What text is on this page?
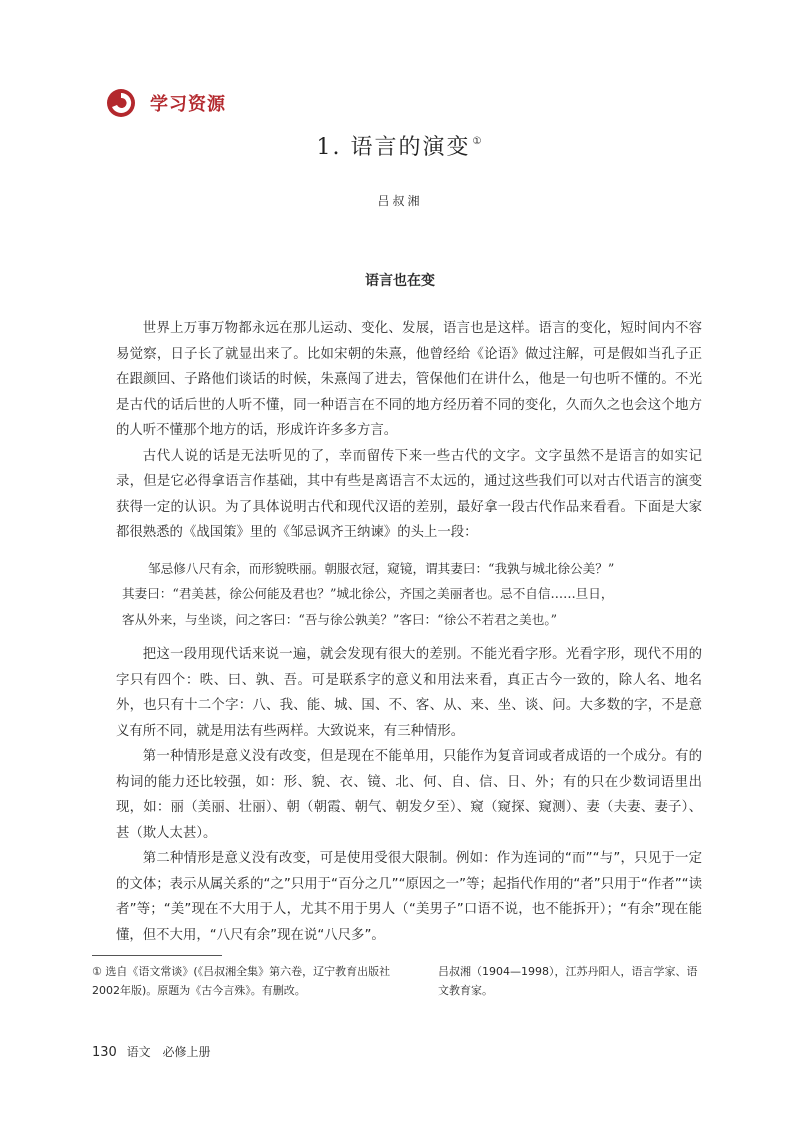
学习资源
1. 语言的演变 ①
吕叔湘
语言也在变

世界上万事万物都永远在那儿运动、变化、发展，语言也是这样。语言的变化，短时间内不容易觉察，日子长了就显出来了。比如宋朝的朱熹，他曾经给《论语》做过注解，可是假如当孔子正在跟颜回、子路他们谈话的时候，朱熹闯了进去，管保他们在讲什么，他是一句也听不懂的。不光是古代的话后世的人听不懂，同一种语言在不同的地方经历着不同的变化，久而久之也会这个地方的人听不懂那个地方的话，形成许许多多方言。

古代人说的话是无法听见的了，幸而留传下来一些古代的文字。文字虽然不是语言的如实记录，但是它必得拿语言作基础，其中有些是离语言不太远的，通过这些我们可以对古代语言的演变获得一定的认识。为了具体说明古代和现代汉语的差别，最好拿一段古代作品来看看。下面是大家都很熟悉的《战国策》里的《邹忌讽齐王纳谏》的头上一段：

邹忌修八尺有余，而形貌昳丽。朝服衣冠，窥镜，谓其妻曰：“我孰与城北徐公美？”
其妻曰：“君美甚，徐公何能及君也？”城北徐公，齐国之美丽者也。忌不自信……旦日，
客从外来，与坐谈，问之客曰：“吾与徐公孰美？”客曰：“徐公不若君之美也。”

把这一段用现代话来说一遍，就会发现有很大的差别。不能光看字形。光看字形，现代不用的字只有四个：昳、曰、孰、吾。可是联系字的意义和用法来看，真正古今一致的，除人名、地名外，也只有十二个字：八、我、能、城、国、不、客、从、来、坐、谈、问。大多数的字，不是意义有所不同，就是用法有些两样。大致说来，有三种情形。

第一种情形是意义没有改变，但是现在不能单用，只能作为复音词或者成语的一个成分。有的构词的能力还比较强，如：形、貌、衣、镜、北、何、自、信、日、外；有的只在少数词语里出现，如：丽（美丽、壮丽）、朝（朝霞、朝气、朝发夕至）、窥（窥探、窥测）、妻（夫妻、妻子）、甚（欺人太甚）。

第二种情形是意义没有改变，可是使用受很大限制。例如：作为连词的“而”“与”，只见于一定的文体；表示从属关系的“之”只用于“百分之几”“原因之一”等；起指代作用的“者”只用于“作者”“读者”等；“美”现在不大用于人，尤其不用于男人（“美男子”口语不说，也不能拆开）；“有余”现在能懂，但不大用，“八尺有余”现在说“八尺多”。

① 选自《语文常谈》(《吕叔湘全集》第六卷，辽宁教育出版社2002年版)。原题为《古今言殊》。有删改。
吕叔湘（1904—1998），江苏丹阳人，语言学家、语文教育家。
130 语文 必修上册
